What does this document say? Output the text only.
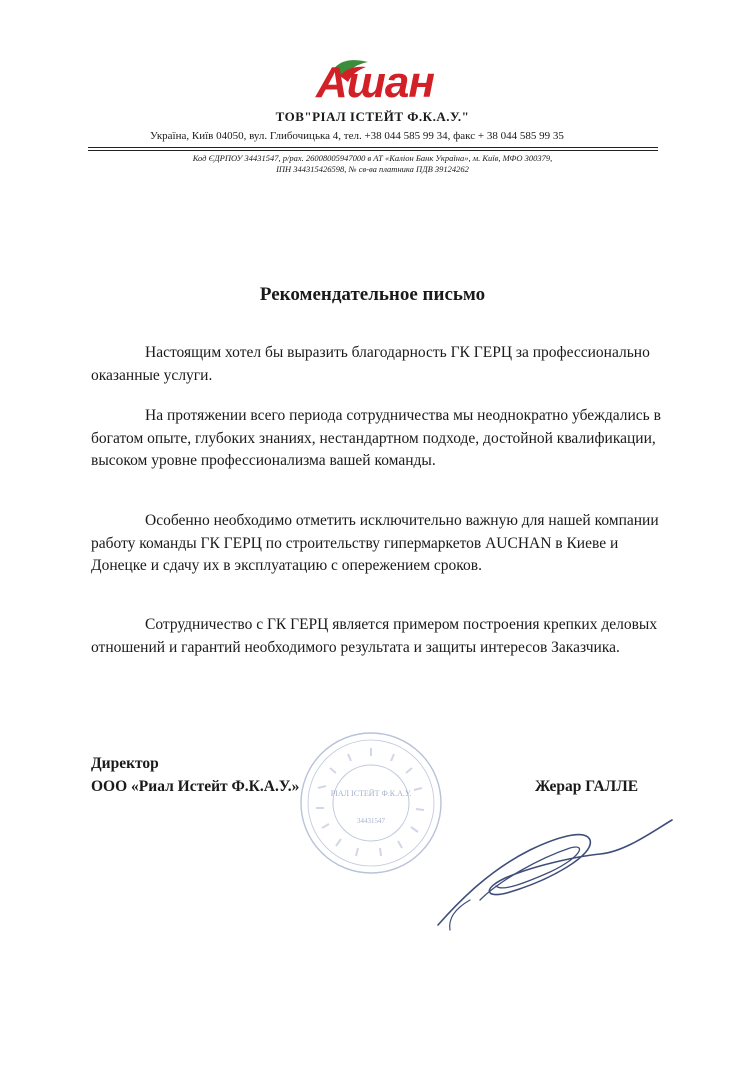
Ашан
ТОВ"РІАЛ ІСТЕЙТ Ф.К.А.У."
Україна, Київ 04050, вул. Глибочицька 4, тел. +38 044 585 99 34, факс + 38 044 585 99 35
Код ЄДРПОУ 34431547, р/рах. 26008005947000 в АТ «Калiон Банк Україна», м. Київ, МФО 300379,
ІПН 344315426598, № св-ва платника ПДВ 39124262
Рекомендательное письмо

Настоящим хотел бы выразить благодарность ГК ГЕРЦ за профессионально оказанные услуги.

На протяжении всего периода сотрудничества мы неоднократно убеждались в богатом опыте, глубоких знаниях, нестандартном подходе, достойной квалификации, высоком уровне профессионализма вашей команды.

Особенно необходимо отметить исключительно важную для нашей компании работу команды ГК ГЕРЦ по строительству гипермаркетов AUCHAN в Киеве и Донецке и сдачу их в эксплуатацию с опережением сроков.

Сотрудничество с ГК ГЕРЦ является примером построения крепких деловых отношений и гарантий необходимого результата и защиты интересов Заказчика.

РІАЛ ІСТЕЙТ Ф.К.А.У.
34431547
Директор
ООО «Риал Истейт Ф.К.А.У.»	Жерар ГАЛЛЕ
